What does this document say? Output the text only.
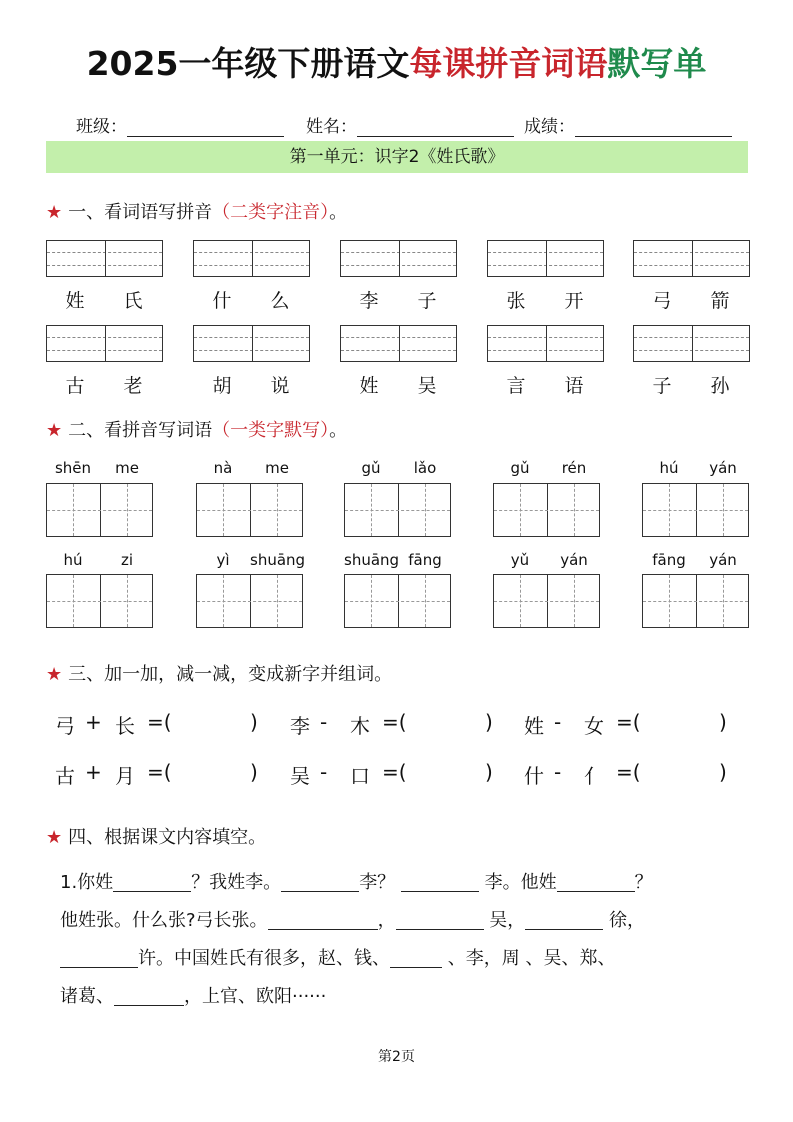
2025一年级下册语文每课拼音词语默写单
班级：	姓名：	成绩：
第一单元：识字2《姓氏歌》
★ 一、看词语写拼音（二类字注音）。
姓	氏	什	么	李	子	张	开	弓	箭
古	老	胡	说	姓	吴	言	语	子	孙
★ 二、看拼音写词语（一类字默写）。
shēn	me	nà	me	gǔ	lǎo	gǔ	rén	hú	yán
hú	zi	yì	shuāng	shuāng fāng	yǔ	yán	fāng	yán
★ 三、加一加，减一减，变成新字并组词。
弓 + 长 =(	) 李 - 木 =(	) 姓 - 女 =(	)
古 + 月 =(	) 吴 - 口 =(	) 什 - 亻 =(	)
★ 四、根据课文内容填空。
1.你姓	？我姓李。	李？	李。他姓	？
他姓张。什么张?弓长张。	，	吴，	徐，
许。中国姓氏有很多，赵、钱、	、李，周 、吴、郑、
诸葛、	，上官、欧阳······
第2页
